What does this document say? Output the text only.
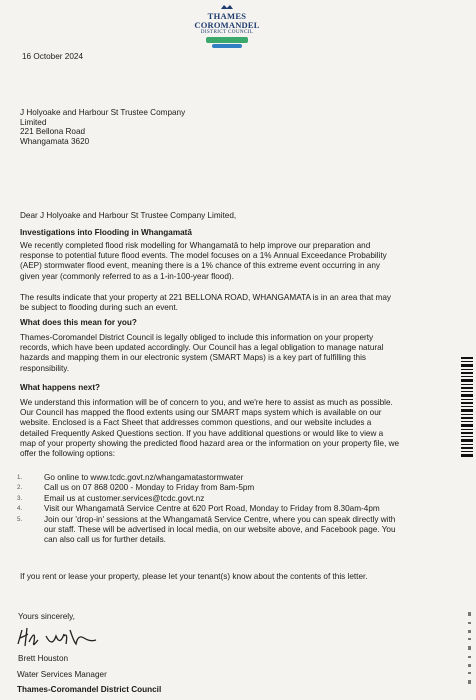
THAMES
COROMANDEL
DISTRICT COUNCIL

16 October 2024

J Holyoake and Harbour St Trustee Company
Limited
221 Bellona Road
Whangamata 3620

Dear J Holyoake and Harbour St Trustee Company Limited,

Investigations into Flooding in Whangamatā

We recently completed flood risk modelling for Whangamatā to help improve our preparation and response to potential future flood events. The model focuses on a 1% Annual Exceedance Probability (AEP) stormwater flood event, meaning there is a 1% chance of this extreme event occurring in any given year (commonly referred to as a 1-in-100-year flood).

The results indicate that your property at 221 BELLONA ROAD, WHANGAMATA is in an area that may be subject to flooding during such an event.

What does this mean for you?

Thames-Coromandel District Council is legally obliged to include this information on your property records, which have been updated accordingly. Our Council has a legal obligation to manage natural hazards and mapping them in our electronic system (SMART Maps) is a key part of fulfilling this responsibility.

What happens next?

We understand this information will be of concern to you, and we're here to assist as much as possible. Our Council has mapped the flood extents using our SMART maps system which is available on our website. Enclosed is a Fact Sheet that addresses common questions, and our website includes a detailed Frequently Asked Questions section. If you have additional questions or would like to view a map of your property showing the predicted flood hazard area or the information on your property file, we offer the following options:

1.	Go online to www.tcdc.govt.nz/whangamatastormwater
2.	Call us on 07 868 0200 - Monday to Friday from 8am-5pm
3.	Email us at customer.services@tcdc.govt.nz
4.	Visit our Whangamatā Service Centre at 620 Port Road, Monday to Friday from 8.30am-4pm
5.	Join our 'drop-in' sessions at the Whangamatā Service Centre, where you can speak directly with our staff. These will be advertised in local media, on our website above, and Facebook page. You can also call us for further details.

If you rent or lease your property, please let your tenant(s) know about the contents of this letter.

Yours sincerely,

Brett Houston

Water Services Manager

Thames-Coromandel District Council
